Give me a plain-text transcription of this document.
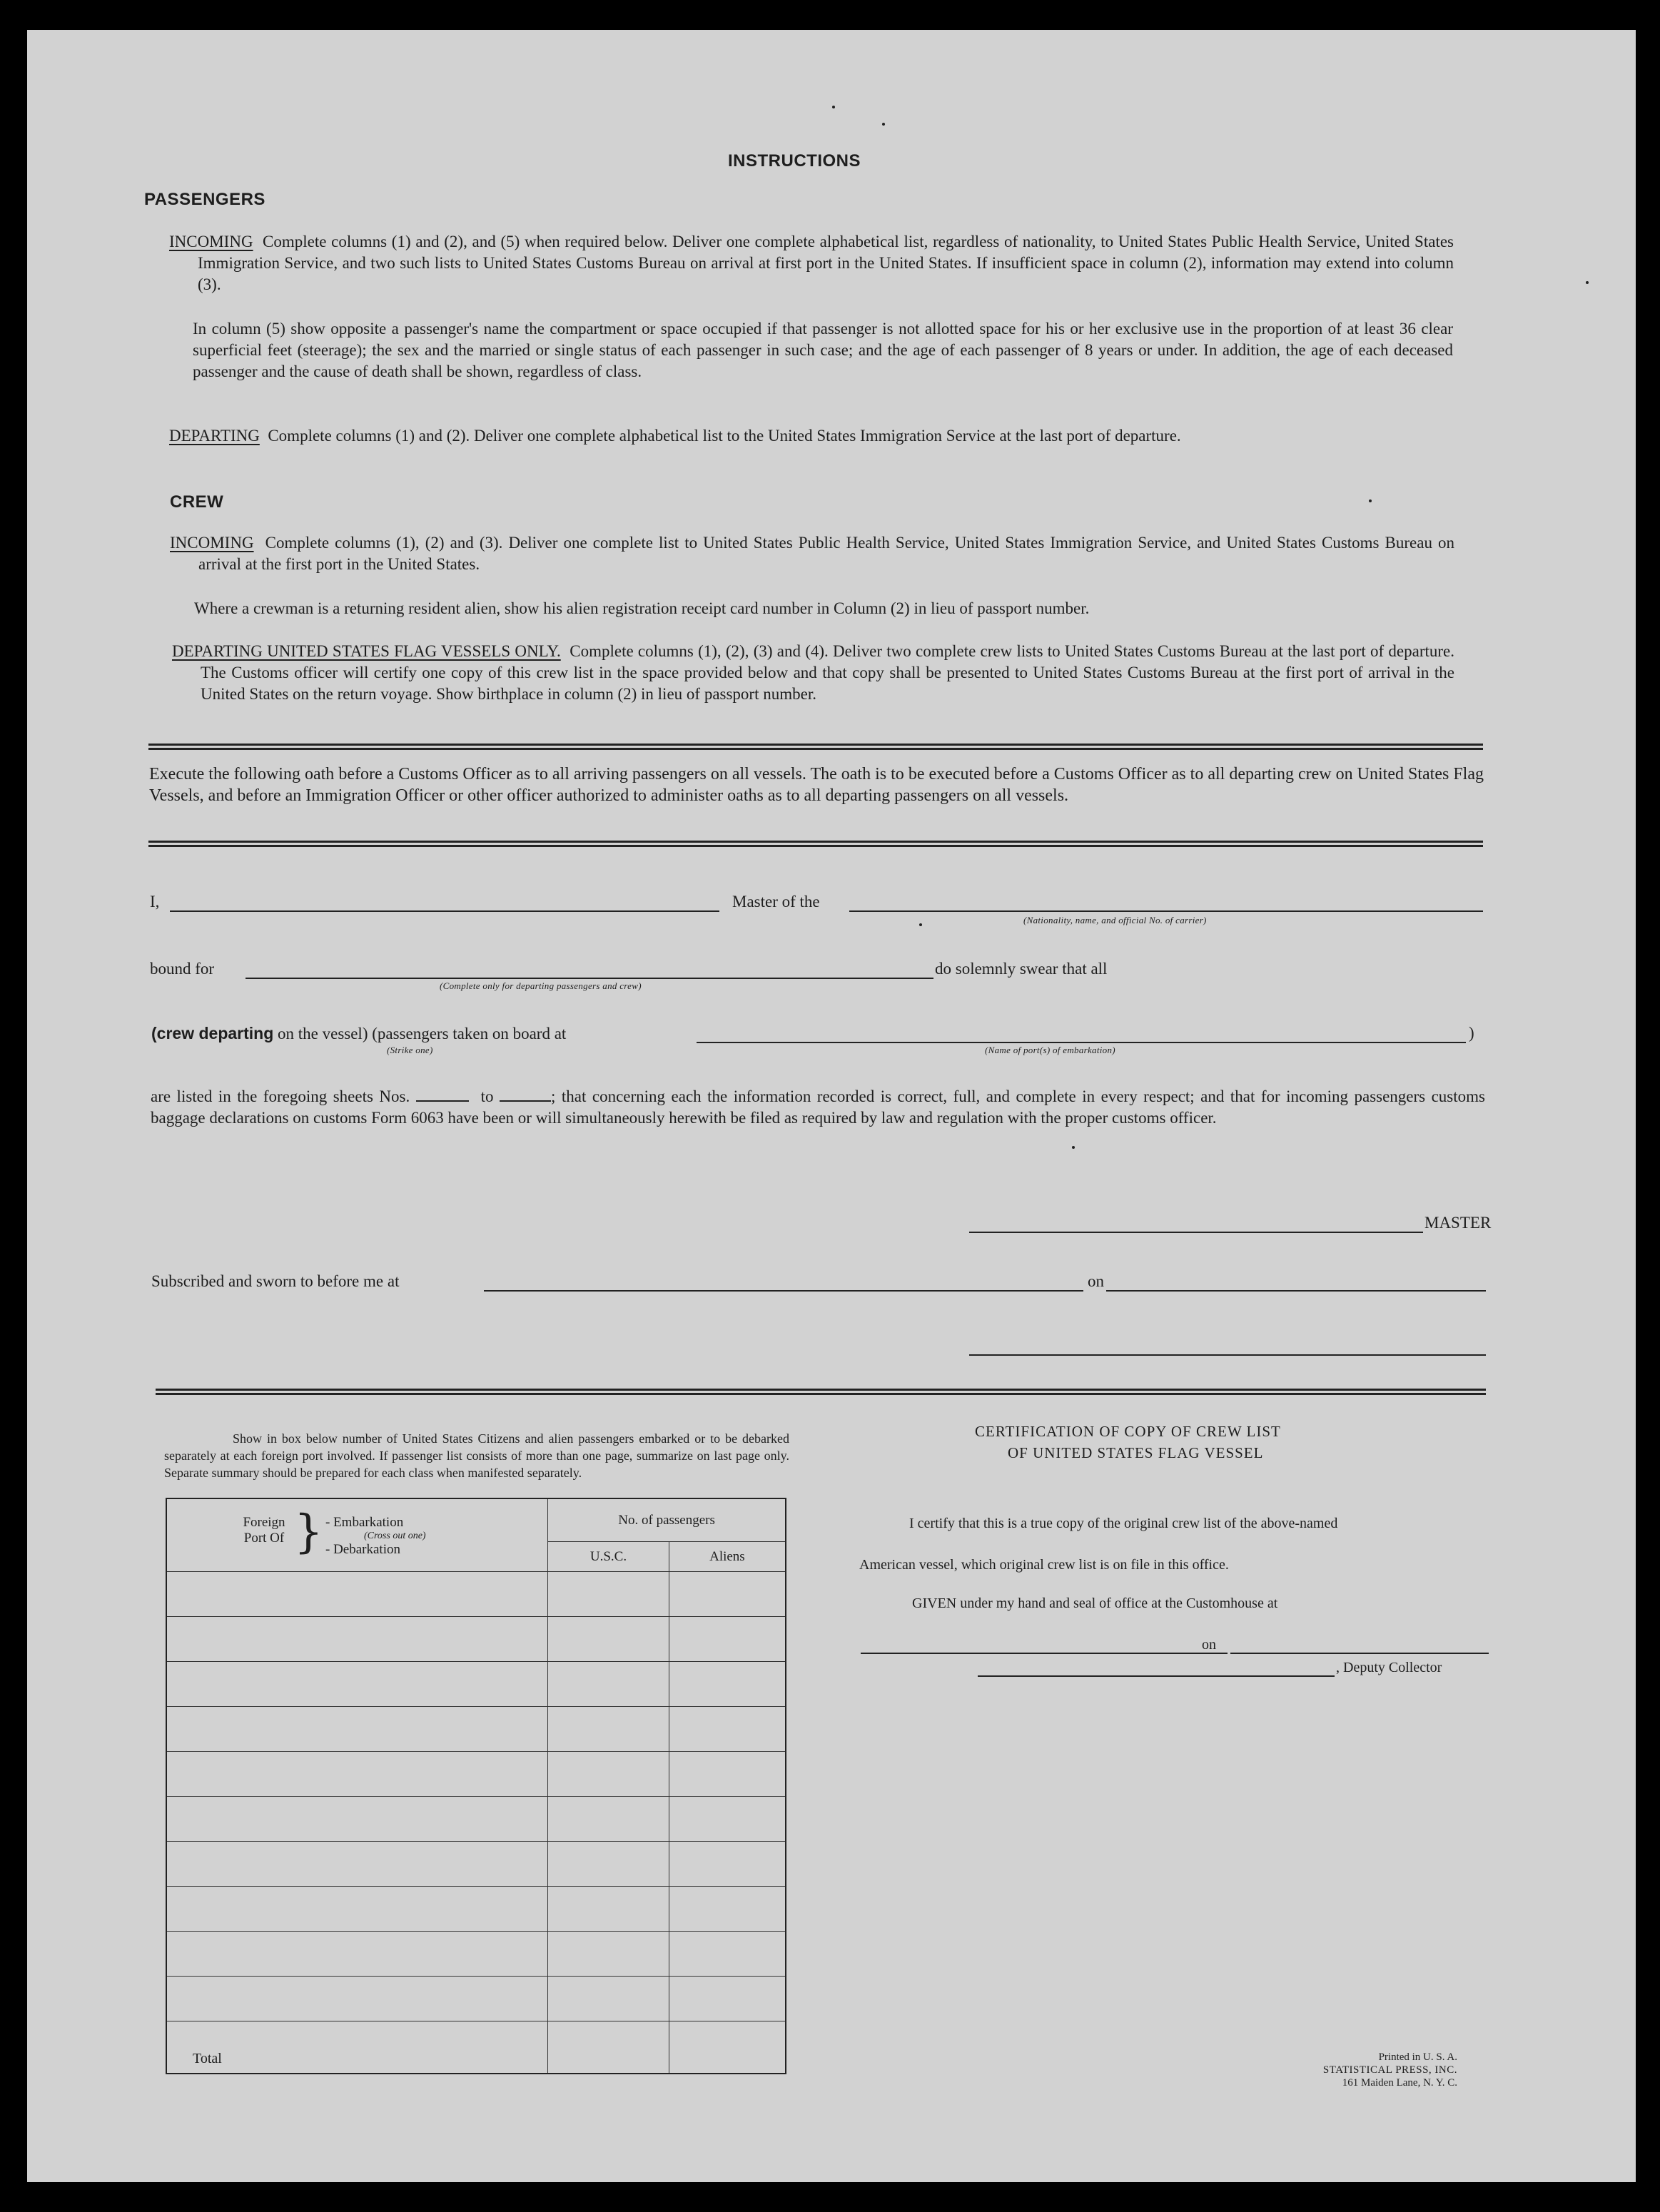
INSTRUCTIONS
PASSENGERS
INCOMING Complete columns (1) and (2), and (5) when required below. Deliver one complete alphabetical list, regardless of nationality, to United States Public Health Service, United States Immigration Service, and two such lists to United States Customs Bureau on arrival at first port in the United States. If insufficient space in column (2), information may extend into column (3).
In column (5) show opposite a passenger's name the compartment or space occupied if that passenger is not allotted space for his or her exclusive use in the proportion of at least 36 clear superficial feet (steerage); the sex and the married or single status of each passenger in such case; and the age of each passenger of 8 years or under. In addition, the age of each deceased passenger and the cause of death shall be shown, regardless of class.
DEPARTING Complete columns (1) and (2). Deliver one complete alphabetical list to the United States Immigration Service at the last port of departure.
CREW
INCOMING Complete columns (1), (2) and (3). Deliver one complete list to United States Public Health Service, United States Immigration Service, and United States Customs Bureau on arrival at the first port in the United States.
Where a crewman is a returning resident alien, show his alien registration receipt card number in Column (2) in lieu of passport number.
DEPARTING UNITED STATES FLAG VESSELS ONLY. Complete columns (1), (2), (3) and (4). Deliver two complete crew lists to United States Customs Bureau at the last port of departure. The Customs officer will certify one copy of this crew list in the space provided below and that copy shall be presented to United States Customs Bureau at the first port of arrival in the United States on the return voyage. Show birthplace in column (2) in lieu of passport number.
Execute the following oath before a Customs Officer as to all arriving passengers on all vessels. The oath is to be executed before a Customs Officer as to all departing crew on United States Flag Vessels, and before an Immigration Officer or other officer authorized to administer oaths as to all departing passengers on all vessels.
I,	Master of the
(Nationality, name, and official No. of carrier)
bound for
(Complete only for departing passengers and crew)
do solemnly swear that all
(crew departing on the vessel) (passengers taken on board at	)
(Strike one)	(Name of port(s) of embarkation)
are listed in the foregoing sheets Nos.	to	; that concerning each the information recorded is correct, full, and complete in every respect; and that for incoming passengers customs baggage declarations on customs Form 6063 have been or will simultaneously herewith be filed as required by law and regulation with the proper customs officer.
MASTER
Subscribed and sworn to before me at	on
Show in box below number of United States Citizens and alien passengers embarked or to be debarked separately at each foreign port involved. If passenger list consists of more than one page, summarize on last page only. Separate summary should be prepared for each class when manifested separately.
Foreign Port Of } - Embarkation
(Cross out one)
- Debarkation	No. of passengers	
	U.S.C.	Aliens

Total		
CERTIFICATION OF COPY OF CREW LIST
OF UNITED STATES FLAG VESSEL
I certify that this is a true copy of the original crew list of the above-named
American vessel, which original crew list is on file in this office.
GIVEN under my hand and seal of office at the Customhouse at
on
, Deputy Collector
Printed in U. S. A.
STATISTICAL PRESS, INC.
161 Maiden Lane, N. Y. C.
